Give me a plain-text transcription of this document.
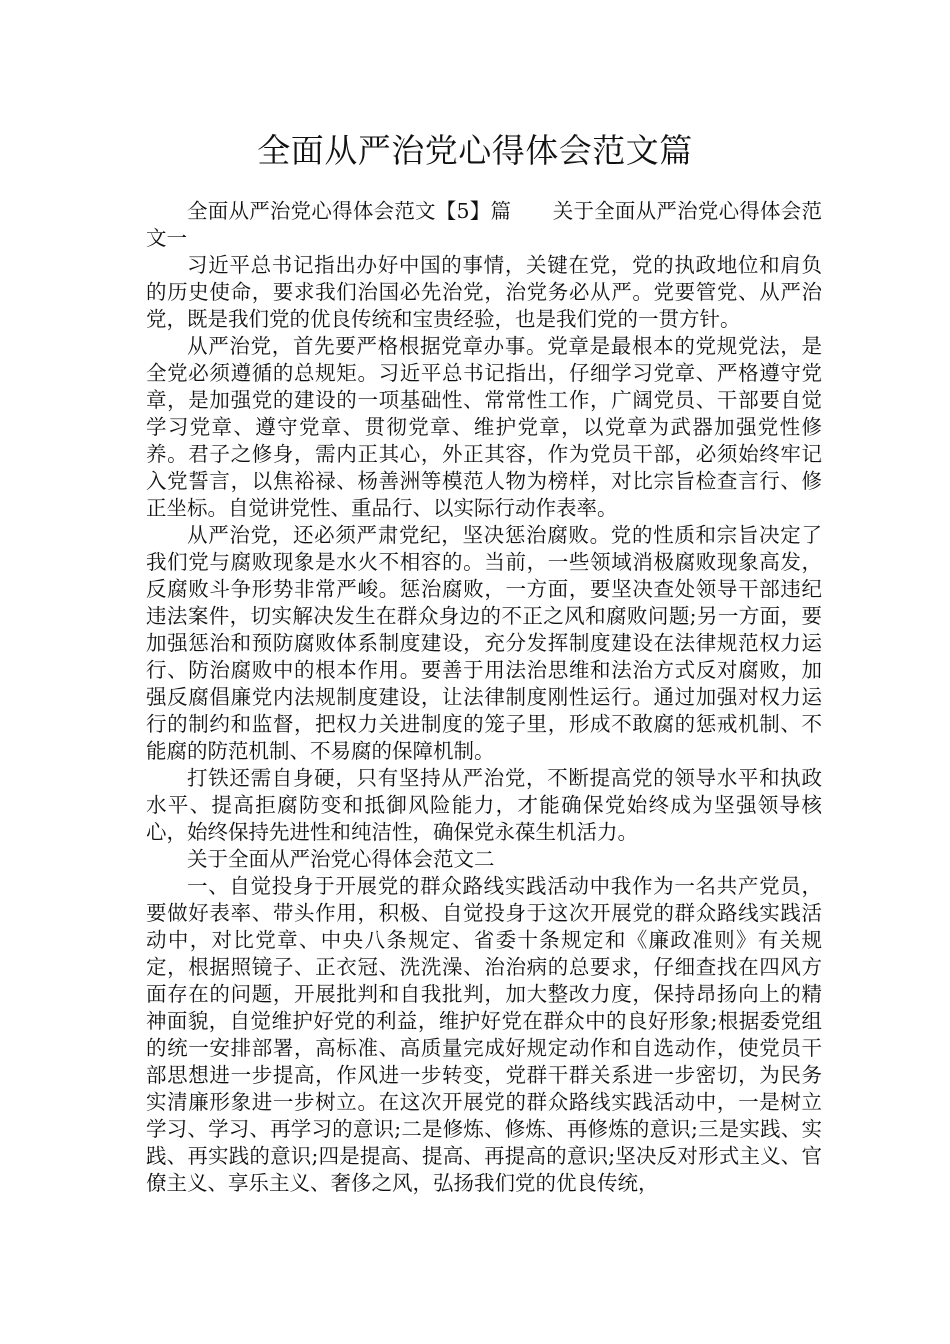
全面从严治党心得体会范文篇

全面从严治党心得体会范文【5】篇　　关于全面从严治党心得体会范文一

习近平总书记指出办好中国的事情，关键在党，党的执政地位和肩负的历史使命，要求我们治国必先治党，治党务必从严。党要管党、从严治党，既是我们党的优良传统和宝贵经验，也是我们党的一贯方针。

从严治党，首先要严格根据党章办事。党章是最根本的党规党法，是全党必须遵循的总规矩。习近平总书记指出，仔细学习党章、严格遵守党章，是加强党的建设的一项基础性、常常性工作，广阔党员、干部要自觉学习党章、遵守党章、贯彻党章、维护党章，以党章为武器加强党性修养。君子之修身，需内正其心，外正其容，作为党员干部，必须始终牢记入党誓言，以焦裕禄、杨善洲等模范人物为榜样，对比宗旨检查言行、修正坐标。自觉讲党性、重品行、以实际行动作表率。

从严治党，还必须严肃党纪，坚决惩治腐败。党的性质和宗旨决定了我们党与腐败现象是水火不相容的。当前，一些领域消极腐败现象高发，反腐败斗争形势非常严峻。惩治腐败，一方面，要坚决查处领导干部违纪违法案件，切实解决发生在群众身边的不正之风和腐败问题;另一方面，要加强惩治和预防腐败体系制度建设，充分发挥制度建设在法律规范权力运行、防治腐败中的根本作用。要善于用法治思维和法治方式反对腐败，加强反腐倡廉党内法规制度建设，让法律制度刚性运行。通过加强对权力运行的制约和监督，把权力关进制度的笼子里，形成不敢腐的惩戒机制、不能腐的防范机制、不易腐的保障机制。

打铁还需自身硬，只有坚持从严治党，不断提高党的领导水平和执政水平、提高拒腐防变和抵御风险能力，才能确保党始终成为坚强领导核心，始终保持先进性和纯洁性，确保党永葆生机活力。

关于全面从严治党心得体会范文二

一、自觉投身于开展党的群众路线实践活动中我作为一名共产党员，要做好表率、带头作用，积极、自觉投身于这次开展党的群众路线实践活动中，对比党章、中央八条规定、省委十条规定和《廉政准则》有关规定，根据照镜子、正衣冠、洗洗澡、治治病的总要求，仔细查找在四风方面存在的问题，开展批判和自我批判，加大整改力度，保持昂扬向上的精神面貌，自觉维护好党的利益，维护好党在群众中的良好形象;根据委党组的统一安排部署，高标准、高质量完成好规定动作和自选动作，使党员干部思想进一步提高，作风进一步转变，党群干群关系进一步密切，为民务实清廉形象进一步树立。在这次开展党的群众路线实践活动中，一是树立学习、学习、再学习的意识;二是修炼、修炼、再修炼的意识;三是实践、实践、再实践的意识;四是提高、提高、再提高的意识;坚决反对形式主义、官僚主义、享乐主义、奢侈之风，弘扬我们党的优良传统，
